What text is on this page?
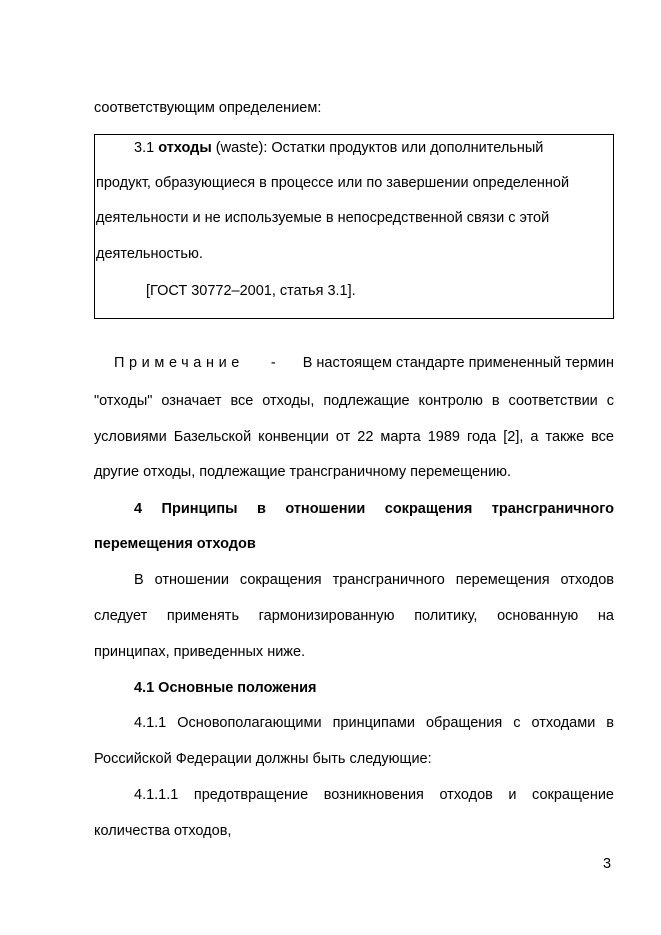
соответствующим определением:
3.1 отходы (waste): Остатки продуктов или дополнительный
продукт, образующиеся в процессе или по завершении определенной
деятельности и не используемые в непосредственной связи с этой
деятельностью.
[ГОСТ 30772–2001, статья 3.1].
Примечание - В настоящем стандарте примененный термин
"отходы" означает все отходы, подлежащие контролю в соответствии с
условиями Базельской конвенции от 22 марта 1989 года [2], а также все
другие отходы, подлежащие трансграничному перемещению.
4 Принципы в отношении сокращения трансграничного
перемещения отходов
В отношении сокращения трансграничного перемещения отходов
следует применять гармонизированную политику, основанную на
принципах, приведенных ниже.
4.1 Основные положения
4.1.1 Основополагающими принципами обращения с отходами в
Российской Федерации должны быть следующие:
4.1.1.1 предотвращение возникновения отходов и сокращение
количества отходов,
3
